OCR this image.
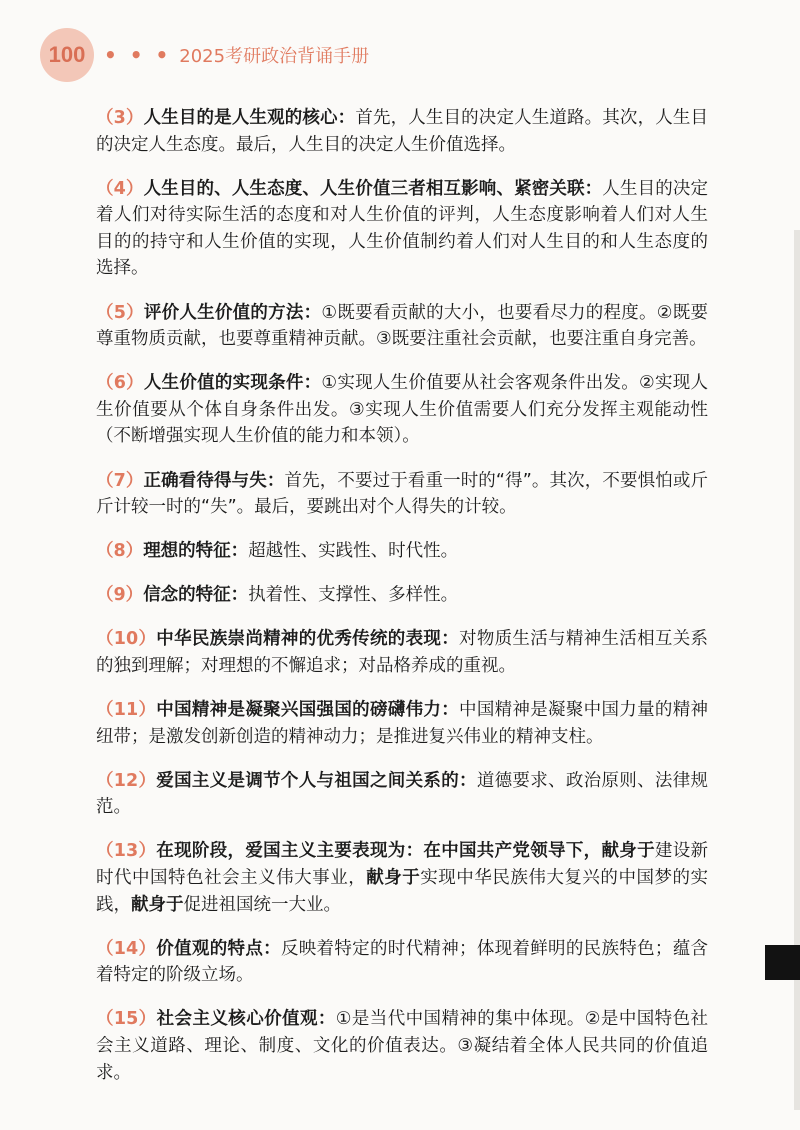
100 • • • 2025考研政治背诵手册

（3）人生目的是人生观的核心：首先，人生目的决定人生道路。其次，人生目的决定人生态度。最后，人生目的决定人生价值选择。

（4）人生目的、人生态度、人生价值三者相互影响、紧密关联：人生目的决定着人们对待实际生活的态度和对人生价值的评判，人生态度影响着人们对人生目的的持守和人生价值的实现，人生价值制约着人们对人生目的和人生态度的选择。

（5）评价人生价值的方法：①既要看贡献的大小，也要看尽力的程度。②既要尊重物质贡献，也要尊重精神贡献。③既要注重社会贡献，也要注重自身完善。

（6）人生价值的实现条件：①实现人生价值要从社会客观条件出发。②实现人生价值要从个体自身条件出发。③实现人生价值需要人们充分发挥主观能动性（不断增强实现人生价值的能力和本领）。

（7）正确看待得与失：首先，不要过于看重一时的“得”。其次，不要惧怕或斤斤计较一时的“失”。最后，要跳出对个人得失的计较。

（8）理想的特征：超越性、实践性、时代性。

（9）信念的特征：执着性、支撑性、多样性。

（10）中华民族崇尚精神的优秀传统的表现：对物质生活与精神生活相互关系的独到理解；对理想的不懈追求；对品格养成的重视。

（11）中国精神是凝聚兴国强国的磅礴伟力：中国精神是凝聚中国力量的精神纽带；是激发创新创造的精神动力；是推进复兴伟业的精神支柱。

（12）爱国主义是调节个人与祖国之间关系的：道德要求、政治原则、法律规范。

（13）在现阶段，爱国主义主要表现为：在中国共产党领导下，献身于建设新时代中国特色社会主义伟大事业，献身于实现中华民族伟大复兴的中国梦的实践，献身于促进祖国统一大业。

（14）价值观的特点：反映着特定的时代精神；体现着鲜明的民族特色；蕴含着特定的阶级立场。

（15）社会主义核心价值观：①是当代中国精神的集中体现。②是中国特色社会主义道路、理论、制度、文化的价值表达。③凝结着全体人民共同的价值追求。
